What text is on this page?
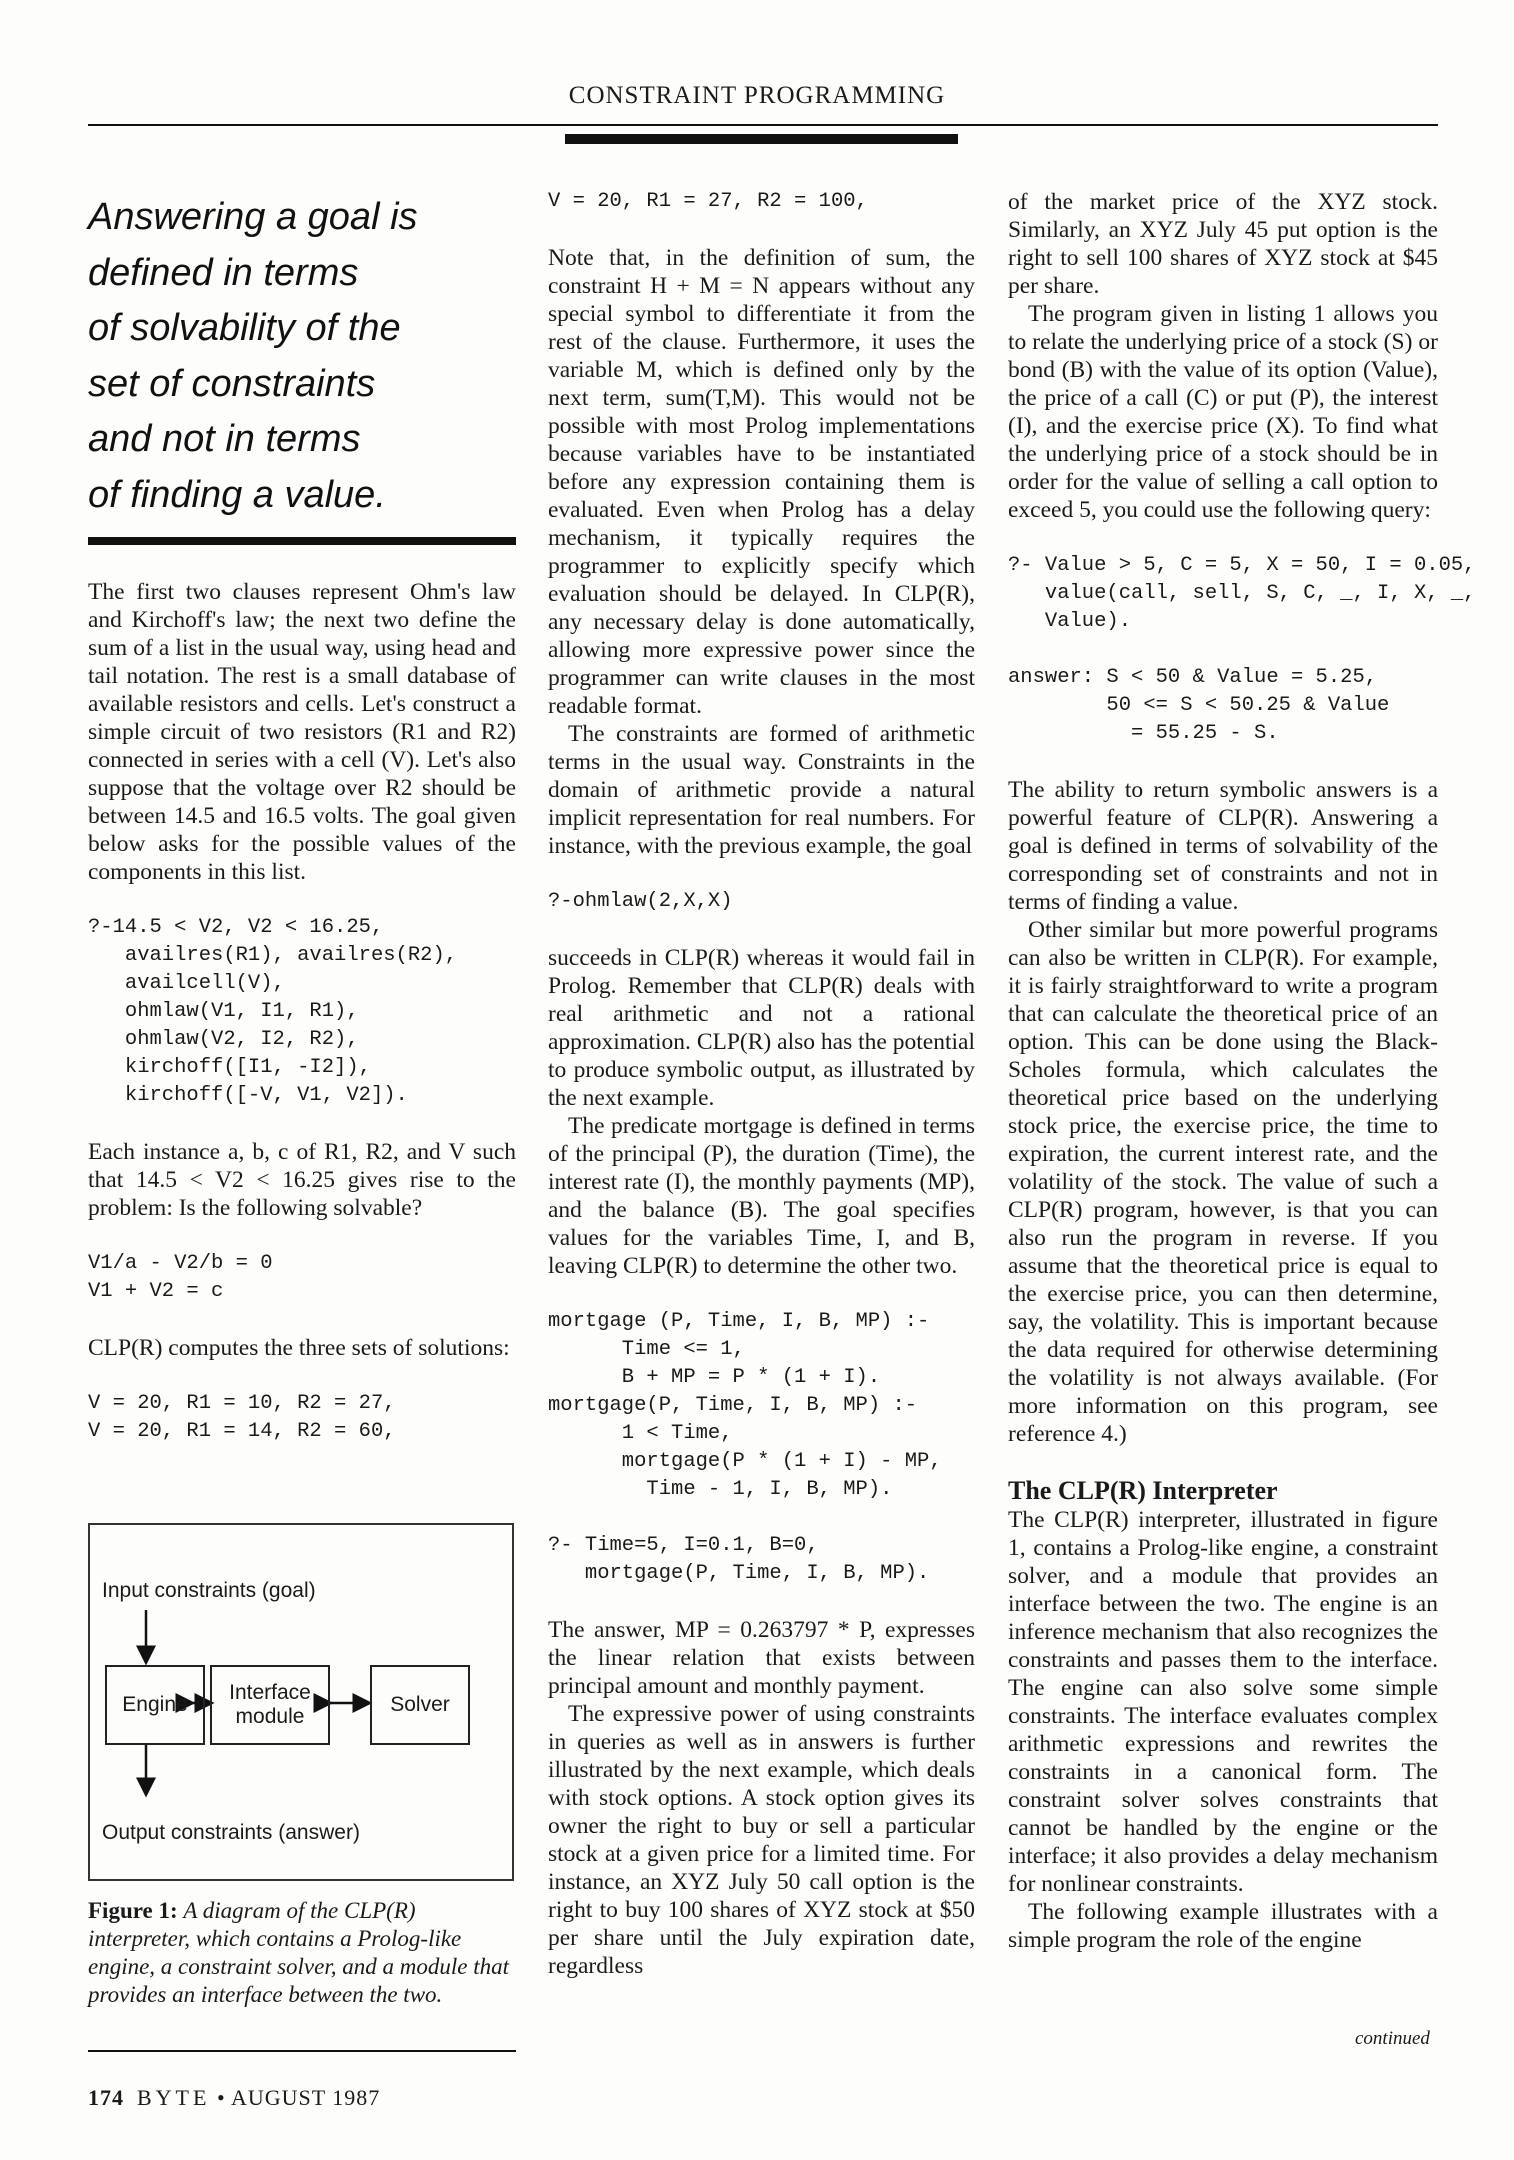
CONSTRAINT PROGRAMMING
Answering a goal is
defined in terms
of solvability of the
set of constraints
and not in terms
of finding a value.

The first two clauses represent Ohm's law and Kirchoff's law; the next two define the sum of a list in the usual way, using head and tail notation. The rest is a small database of available resistors and cells. Let's construct a simple circuit of two resistors (R1 and R2) connected in series with a cell (V). Let's also suppose that the voltage over R2 should be between 14.5 and 16.5 volts. The goal given below asks for the possible values of the components in this list.

?-14.5 < V2, V2 < 16.25,
availres(R1), availres(R2),
availcell(V),
ohmlaw(V1, I1, R1),
ohmlaw(V2, I2, R2),
kirchoff([I1, -I2]),
kirchoff([-V, V1, V2]).

Each instance a, b, c of R1, R2, and V such that 14.5 < V2 < 16.25 gives rise to the problem: Is the following solvable?

V1/a - V2/b = 0
V1 + V2 = c

CLP(R) computes the three sets of solutions:

V = 20, R1 = 10, R2 = 27,
V = 20, R1 = 14, R2 = 60,
Input constraints (goal)
Engine
Interface module
Solver
Output constraints (answer)
Figure 1: A diagram of the CLP(R) interpreter, which contains a Prolog-like engine, a constraint solver, and a module that provides an interface between the two.
V = 20, R1 = 27, R2 = 100,

Note that, in the definition of sum, the constraint H + M = N appears without any special symbol to differentiate it from the rest of the clause. Furthermore, it uses the variable M, which is defined only by the next term, sum(T,M). This would not be possible with most Prolog implementations because variables have to be instantiated before any expression containing them is evaluated. Even when Prolog has a delay mechanism, it typically requires the programmer to explicitly specify which evaluation should be delayed. In CLP(R), any necessary delay is done automatically, allowing more expressive power since the programmer can write clauses in the most readable format.

The constraints are formed of arithmetic terms in the usual way. Constraints in the domain of arithmetic provide a natural implicit representation for real numbers. For instance, with the previous example, the goal

?-ohmlaw(2,X,X)

succeeds in CLP(R) whereas it would fail in Prolog. Remember that CLP(R) deals with real arithmetic and not a rational approximation. CLP(R) also has the potential to produce symbolic output, as illustrated by the next example.

The predicate mortgage is defined in terms of the principal (P), the duration (Time), the interest rate (I), the monthly payments (MP), and the balance (B). The goal specifies values for the variables Time, I, and B, leaving CLP(R) to determine the other two.

mortgage (P, Time, I, B, MP) :-
Time <= 1,
B + MP = P * (1 + I).
mortgage(P, Time, I, B, MP) :-
1 < Time,
mortgage(P * (1 + I) - MP,
Time - 1, I, B, MP).
?- Time=5, I=0.1, B=0,
mortgage(P, Time, I, B, MP).

The answer, MP = 0.263797 * P, expresses the linear relation that exists between principal amount and monthly payment.

The expressive power of using constraints in queries as well as in answers is further illustrated by the next example, which deals with stock options. A stock option gives its owner the right to buy or sell a particular stock at a given price for a limited time. For instance, an XYZ July 50 call option is the right to buy 100 shares of XYZ stock at $50 per share until the July expiration date, regardless

of the market price of the XYZ stock. Similarly, an XYZ July 45 put option is the right to sell 100 shares of XYZ stock at $45 per share.

The program given in listing 1 allows you to relate the underlying price of a stock (S) or bond (B) with the value of its option (Value), the price of a call (C) or put (P), the interest (I), and the exercise price (X). To find what the underlying price of a stock should be in order for the value of selling a call option to exceed 5, you could use the following query:

?- Value > 5, C = 5, X = 50, I = 0.05,
value(call, sell, S, C, _, I, X, _,
Value).
answer: S < 50 & Value = 5.25,
50 <= S < 50.25 & Value
= 55.25 - S.

The ability to return symbolic answers is a powerful feature of CLP(R). Answering a goal is defined in terms of solvability of the corresponding set of constraints and not in terms of finding a value.

Other similar but more powerful programs can also be written in CLP(R). For example, it is fairly straightforward to write a program that can calculate the theoretical price of an option. This can be done using the Black-Scholes formula, which calculates the theoretical price based on the underlying stock price, the exercise price, the time to expiration, the current interest rate, and the volatility of the stock. The value of such a CLP(R) program, however, is that you can also run the program in reverse. If you assume that the theoretical price is equal to the exercise price, you can then determine, say, the volatility. This is important because the data required for otherwise determining the volatility is not always available. (For more information on this program, see reference 4.)

The CLP(R) Interpreter

The CLP(R) interpreter, illustrated in figure 1, contains a Prolog-like engine, a constraint solver, and a module that provides an interface between the two. The engine is an inference mechanism that also recognizes the constraints and passes them to the interface. The engine can also solve some simple constraints. The interface evaluates complex arithmetic expressions and rewrites the constraints in a canonical form. The constraint solver solves constraints that cannot be handled by the engine or the interface; it also provides a delay mechanism for nonlinear constraints.

The following example illustrates with a simple program the role of the engine

continued
174 BYTE • AUGUST 1987
